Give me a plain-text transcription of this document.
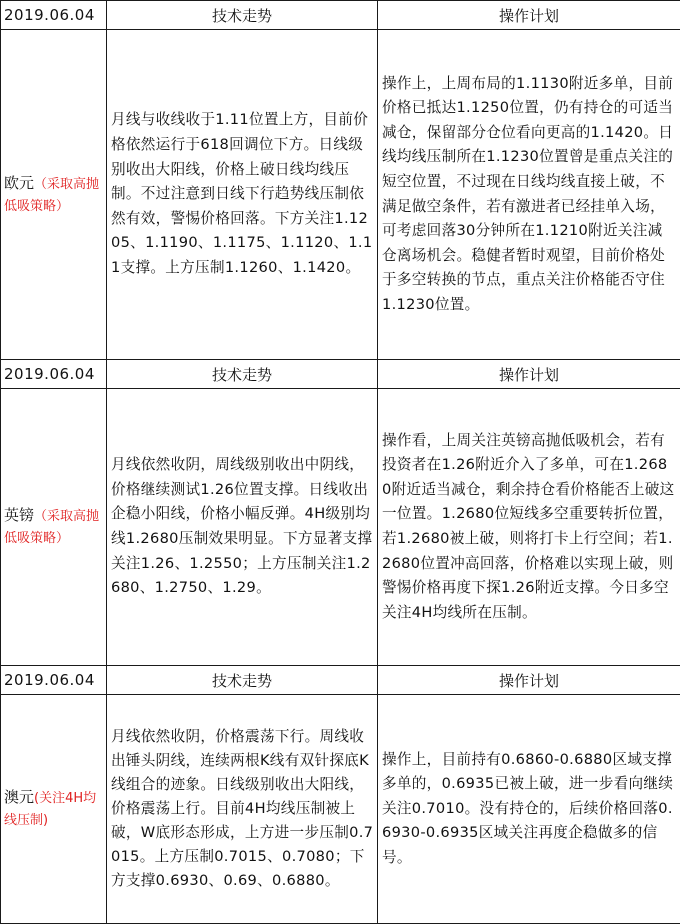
2019.06.04	技术走势	操作计划
欧元（采取高抛低吸策略）	月线与收线收于1.11位置上方，目前价格依然运行于618回调位下方。日线级别收出大阳线，价格上破日线均线压制。不过注意到日线下行趋势线压制依然有效，警惕价格回落。下方关注1.1205、1.1190、1.1175、1.1120、1.11支撑。上方压制1.1260、1.1420。	操作上，上周布局的1.1130附近多单，目前价格已抵达1.1250位置，仍有持仓的可适当减仓，保留部分仓位看向更高的1.1420。日线均线压制所在1.1230位置曾是重点关注的短空位置，不过现在日线均线直接上破，不满足做空条件，若有激进者已经挂单入场，可考虑回落30分钟所在1.1210附近关注减仓离场机会。稳健者暂时观望，目前价格处于多空转换的节点，重点关注价格能否守住1.1230位置。
2019.06.04	技术走势	操作计划
英镑（采取高抛低吸策略）	月线依然收阴，周线级别收出中阴线，价格继续测试1.26位置支撑。日线收出企稳小阳线，价格小幅反弹。4H级别均线1.2680压制效果明显。下方显著支撑关注1.26、1.2550；上方压制关注1.2680、1.2750、1.29。	操作看，上周关注英镑高抛低吸机会，若有投资者在1.26附近介入了多单，可在1.2680附近适当减仓，剩余持仓看价格能否上破这一位置。1.2680位短线多空重要转折位置，若1.2680被上破，则将打卡上行空间；若1.2680位置冲高回落，价格难以实现上破，则警惕价格再度下探1.26附近支撑。今日多空关注4H均线所在压制。
2019.06.04	技术走势	操作计划
澳元(关注4H均线压制)	月线依然收阴，价格震荡下行。周线收出锤头阴线，连续两根K线有双针探底K线组合的迹象。日线级别收出大阳线，价格震荡上行。目前4H均线压制被上破，W底形态形成，上方进一步压制0.7015。上方压制0.7015、0.7080；下方支撑0.6930、0.69、0.6880。	操作上，目前持有0.6860-0.6880区域支撑多单的，0.6935已被上破，进一步看向继续关注0.7010。没有持仓的，后续价格回落0.6930-0.6935区域关注再度企稳做多的信号。
